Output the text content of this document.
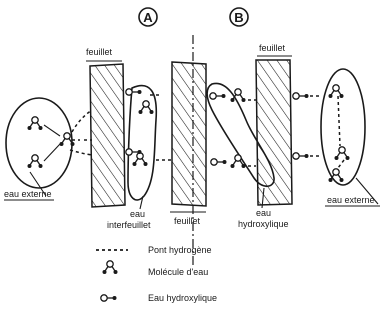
A	B
feuillet	feuillet
feuillet
eau externe
eau externe
eau
interfeuillet
eau
hydroxylique
Pont hydrogène
Molécule d'eau
Eau hydroxylique
